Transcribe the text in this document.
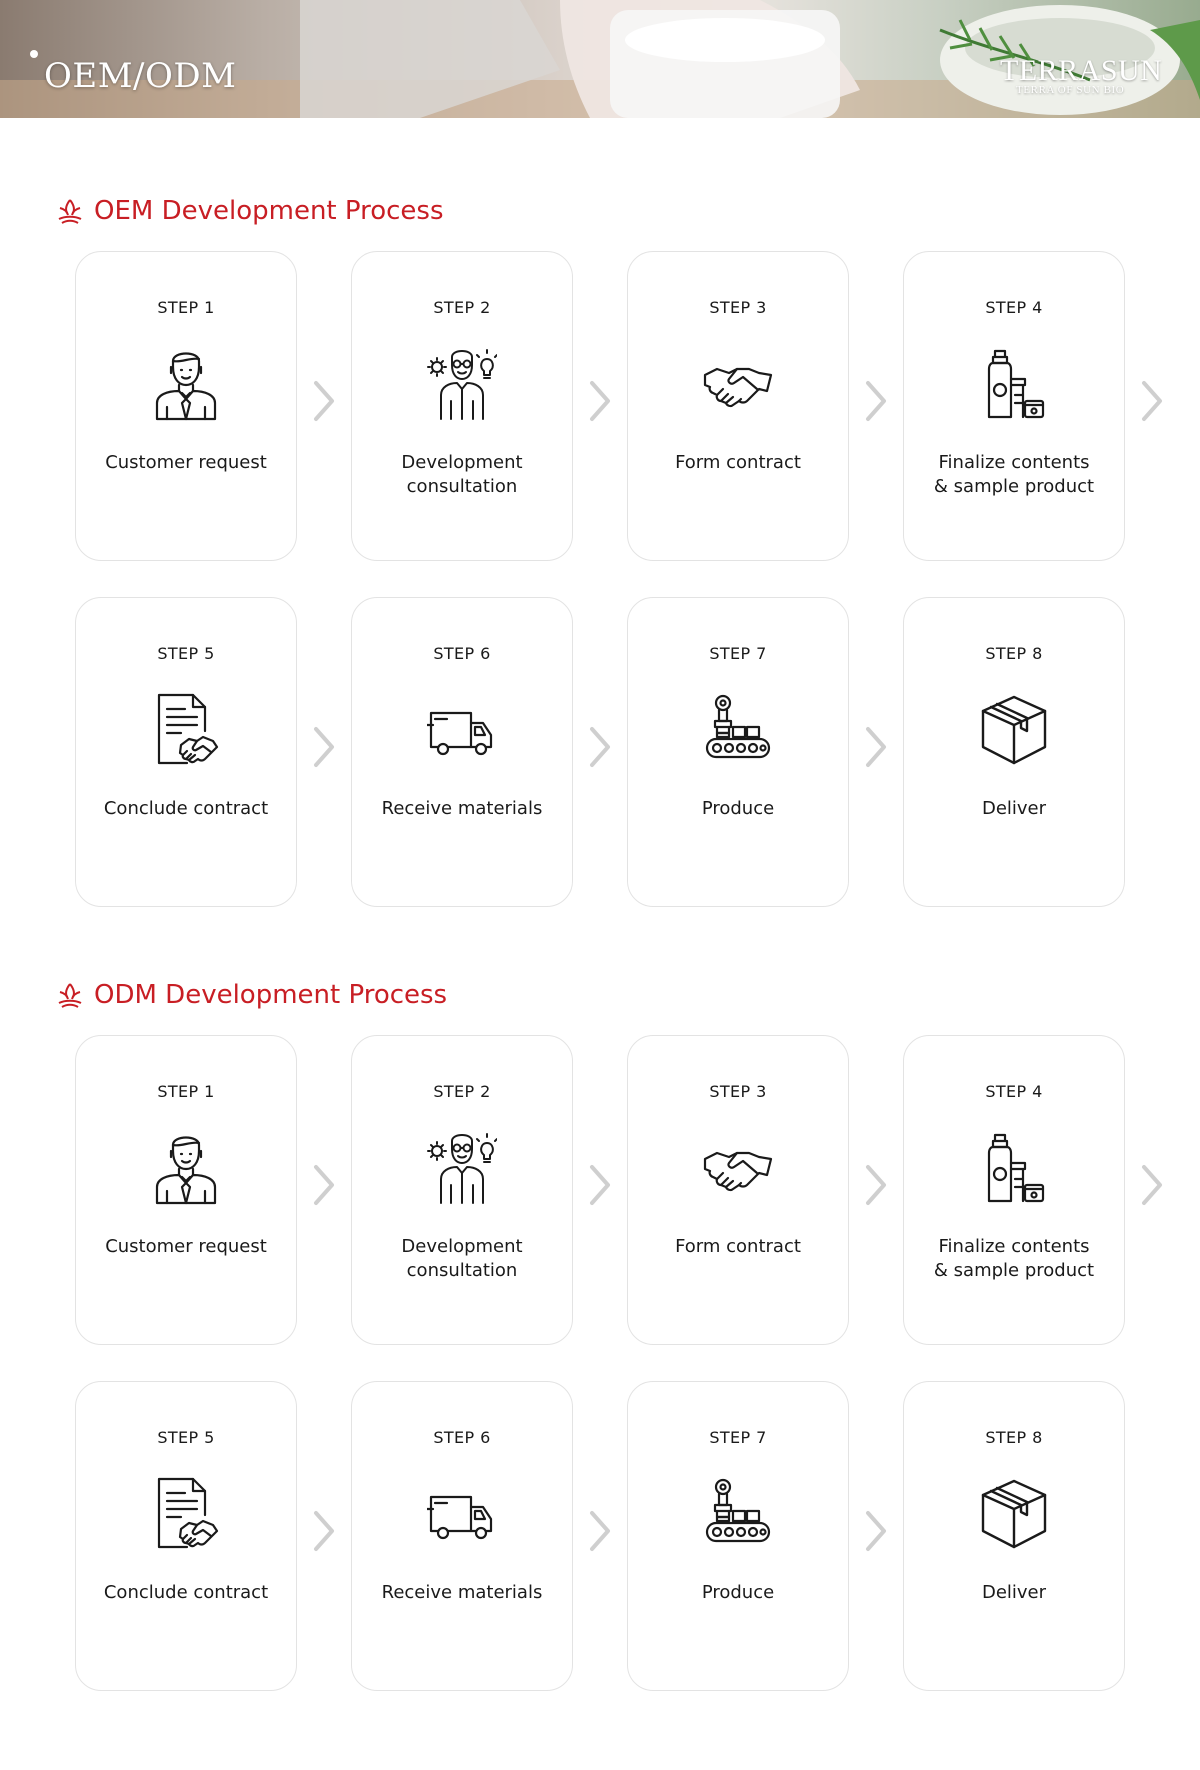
OEM/ODM	TERRASUN
TERRA OF SUN BIO
OEM Development Process
STEP 1
Customer request
STEP 2
Development
consultation
STEP 3
Form contract
STEP 4
Finalize contents
& sample product
STEP 5
Conclude contract
STEP 6
Receive materials
STEP 7
Produce
STEP 8
Deliver
ODM Development Process
STEP 1
Customer request
STEP 2
Development
consultation
STEP 3
Form contract
STEP 4
Finalize contents
& sample product
STEP 5
Conclude contract
STEP 6
Receive materials
STEP 7
Produce
STEP 8
Deliver
